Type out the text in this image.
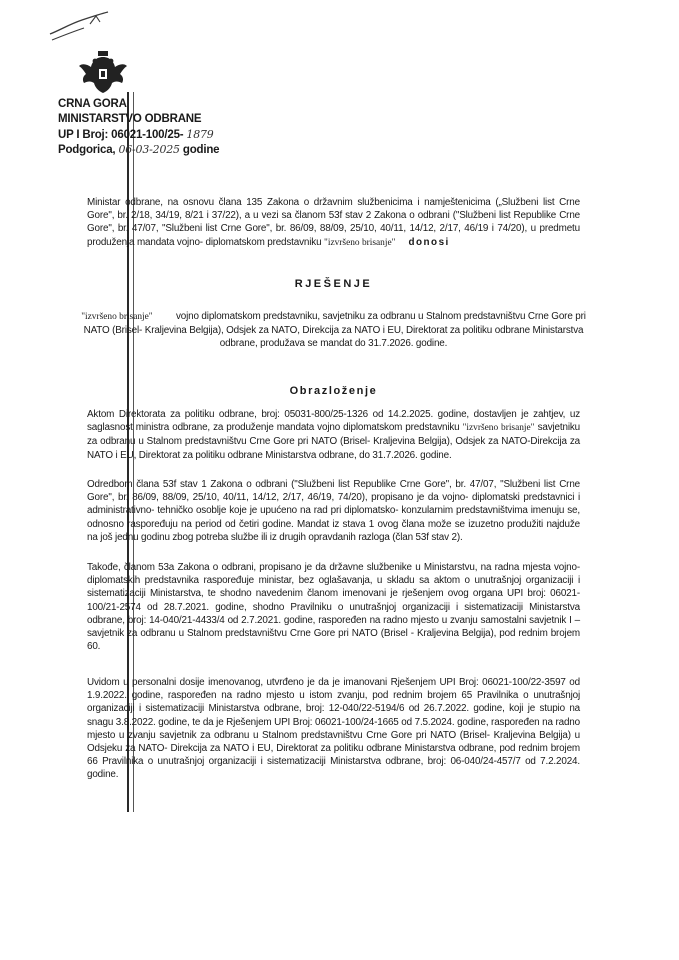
CRNA GORA
MINISTARSTVO ODBRANE
UP I Broj: 06021-100/25- 1879
Podgorica, 06-03-2025 godine
Ministar odbrane, na osnovu člana 135 Zakona o državnim službenicima i namještenicima („Službeni list Crne Gore", br. 2/18, 34/19, 8/21 i 37/22), a u vezi sa članom 53f stav 2 Zakona o odbrani ("Službeni list Republike Crne Gore", br. 47/07, "Službeni list Crne Gore", br. 86/09, 88/09, 25/10, 40/11, 14/12, 2/17, 46/19 i 74/20), u predmetu produženja mandata vojno- diplomatskom predstavniku "izvršeno brisanje" donosi
RJEŠENJE
"izvršeno brisanje" vojno diplomatskom predstavniku, savjetniku za odbranu u Stalnom predstavništvu Crne Gore pri NATO (Brisel- Kraljevina Belgija), Odsjek za NATO, Direkcija za NATO i EU, Direktorat za politiku odbrane Ministarstva odbrane, produžava se mandat do 31.7.2026. godine.
Obrazloženje
Aktom Direktorata za politiku odbrane, broj: 05031-800/25-1326 od 14.2.2025. godine, dostavljen je zahtjev, uz saglasnost ministra odbrane, za produženje mandata vojno diplomatskom predstavniku "izvršeno brisanje" savjetniku za odbranu u Stalnom predstavništvu Crne Gore pri NATO (Brisel- Kraljevina Belgija), Odsjek za NATO-Direkcija za NATO i EU, Direktorat za politiku odbrane Ministarstva odbrane, do 31.7.2026. godine.
Odredbom člana 53f stav 1 Zakona o odbrani ("Službeni list Republike Crne Gore", br. 47/07, "Službeni list Crne Gore", br. 86/09, 88/09, 25/10, 40/11, 14/12, 2/17, 46/19, 74/20), propisano je da vojno- diplomatski predstavnici i administrativno- tehničko osoblje koje je upućeno na rad pri diplomatsko- konzularnim predstavništvima imenuju se, odnosno raspoređuju na period od četiri godine. Mandat iz stava 1 ovog člana može se izuzetno produžiti najduže na još jednu godinu zbog potreba službe ili iz drugih opravdanih razloga (član 53f stav 2).
Takođe, članom 53a Zakona o odbrani, propisano je da državne službenike u Ministarstvu, na radna mjesta vojno-diplomatskih predstavnika raspoređuje ministar, bez oglašavanja, u skladu sa aktom o unutrašnjoj organizaciji i sistematizaciji Ministarstva, te shodno navedenim članom imenovani je rješenjem ovog organa UPI broj: 06021-100/21-2574 od 28.7.2021. godine, shodno Pravilniku o unutrašnjoj organizaciji i sistematizaciji Ministarstva odbrane, broj: 14-040/21-4433/4 od 2.7.2021. godine, raspoređen na radno mjesto u zvanju samostalni savjetnik I – savjetnik za odbranu u Stalnom predstavništvu Crne Gore pri NATO (Brisel - Kraljevina Belgija), pod rednim brojem 60.
Uvidom u personalni dosije imenovanog, utvrđeno je da je imanovani Rješenjem UPI Broj: 06021-100/22-3597 od 1.9.2022. godine, raspoređen na radno mjesto u istom zvanju, pod rednim brojem 65 Pravilnika o unutrašnjoj organizaciji i sistematizaciji Ministarstva odbrane, broj: 12-040/22-5194/6 od 26.7.2022. godine, koji je stupio na snagu 3.8.2022. godine, te da je Rješenjem UPI Broj: 06021-100/24-1665 od 7.5.2024. godine, raspoređen na radno mjesto u zvanju savjetnik za odbranu u Stalnom predstavništvu Crne Gore pri NATO (Brisel- Kraljevina Belgija) u Odsjeku za NATO- Direkcija za NATO i EU, Direktorat za politiku odbrane Ministarstva odbrane, pod rednim brojem 66 Pravilnika o unutrašnjoj organizaciji i sistematizaciji Ministarstva odbrane, broj: 06-040/24-457/7 od 7.2.2024. godine.
